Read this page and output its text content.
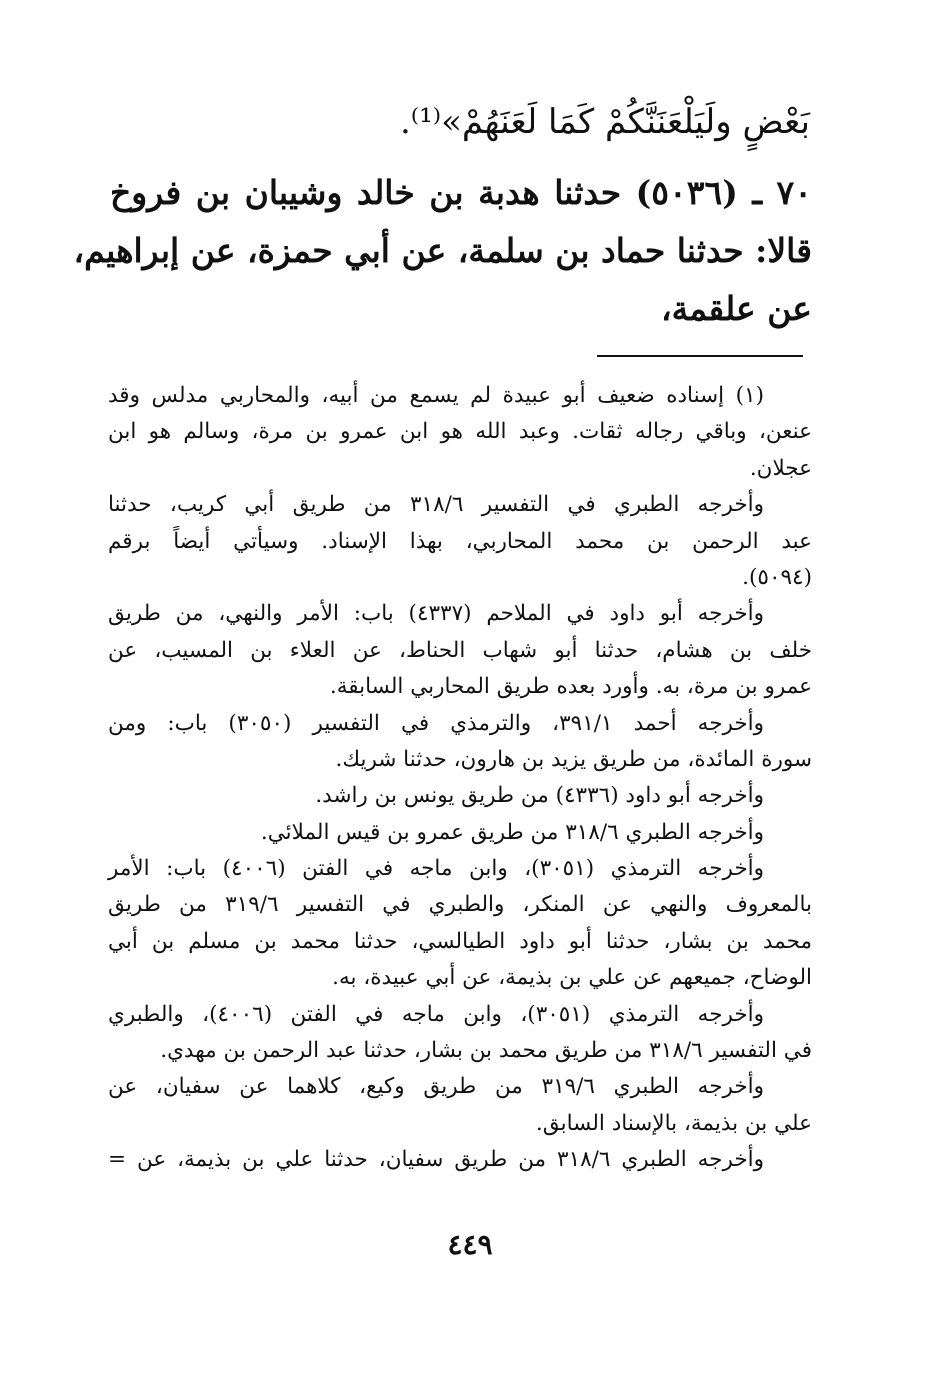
بَعْضٍ ولَيَلْعَنَنَّكُمْ كَمَا لَعَنَهُمْ»⁽¹⁾.

٧٠ ـ (٥٠٣٦) حدثنا هدبة بن خالد وشيبان بن فروخ

قالا: حدثنا حماد بن سلمة، عن أبي حمزة، عن إبراهيم،

عن علقمة،

(١) إسناده ضعيف أبو عبيدة لم يسمع من أبيه، والمحاربي مدلس وقد

عنعن، وباقي رجاله ثقات. وعبد الله هو ابن عمرو بن مرة، وسالم هو ابن

عجلان.

وأخرجه الطبري في التفسير ٣١٨/٦ من طريق أبي كريب، حدثنا

عبد الرحمن بن محمد المحاربي، بهذا الإسناد. وسيأتي أيضاً برقم

(٥٠٩٤).

وأخرجه أبو داود في الملاحم (٤٣٣٧) باب: الأمر والنهي، من طريق

خلف بن هشام، حدثنا أبو شهاب الحناط، عن العلاء بن المسيب، عن

عمرو بن مرة، به. وأورد بعده طريق المحاربي السابقة.

وأخرجه أحمد ٣٩١/١، والترمذي في التفسير (٣٠٥٠) باب: ومن

سورة المائدة، من طريق يزيد بن هارون، حدثنا شريك.

وأخرجه أبو داود (٤٣٣٦) من طريق يونس بن راشد.

وأخرجه الطبري ٣١٨/٦ من طريق عمرو بن قيس الملائي.

وأخرجه الترمذي (٣٠٥١)، وابن ماجه في الفتن (٤٠٠٦) باب: الأمر

بالمعروف والنهي عن المنكر، والطبري في التفسير ٣١٩/٦ من طريق

محمد بن بشار، حدثنا أبو داود الطيالسي، حدثنا محمد بن مسلم بن أبي

الوضاح، جميعهم عن علي بن بذيمة، عن أبي عبيدة، به.

وأخرجه الترمذي (٣٠٥١)، وابن ماجه في الفتن (٤٠٠٦)، والطبري

في التفسير ٣١٨/٦ من طريق محمد بن بشار، حدثنا عبد الرحمن بن مهدي.

وأخرجه الطبري ٣١٩/٦ من طريق وكيع، كلاهما عن سفيان، عن

علي بن بذيمة، بالإسناد السابق.

وأخرجه الطبري ٣١٨/٦ من طريق سفيان، حدثنا علي بن بذيمة، عن =

٤٤٩
